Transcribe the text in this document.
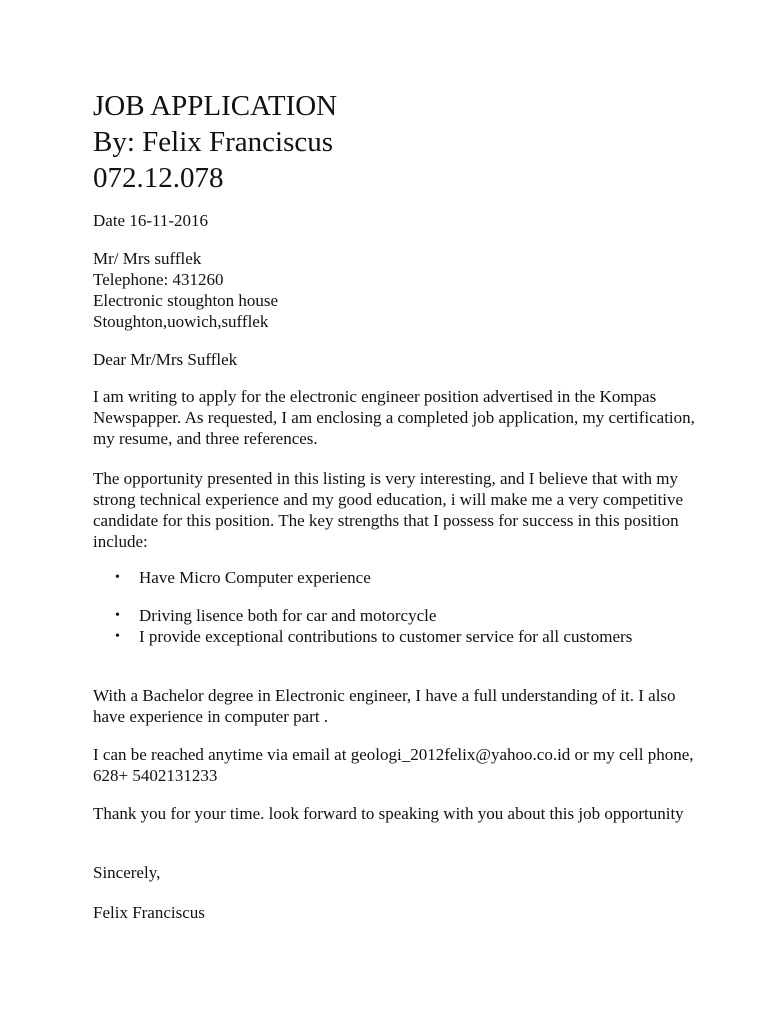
JOB APPLICATION
By: Felix Franciscus
072.12.078
Date 16-11-2016
Mr/ Mrs sufflek
Telephone: 431260
Electronic stoughton house
Stoughton,uowich,sufflek
Dear Mr/Mrs Sufflek

I am writing to apply for the electronic engineer position advertised in the Kompas Newspapper. As requested, I am enclosing a completed job application, my certification, my resume, and three references.

The opportunity presented in this listing is very interesting, and I believe that with my strong technical experience and my good education, i will make me a very competitive candidate for this position. The key strengths that I possess for success in this position include:

• Have Micro Computer experience
• Driving lisence both for car and motorcycle
• I provide exceptional contributions to customer service for all customers

With a Bachelor degree in Electronic engineer, I have a full understanding of it. I also have experience in computer part .

I can be reached anytime via email at geologi_2012felix@yahoo.co.id or my cell phone, 628+ 5402131233

Thank you for your time. look forward to speaking with you about this job opportunity

Sincerely,
Felix Franciscus
